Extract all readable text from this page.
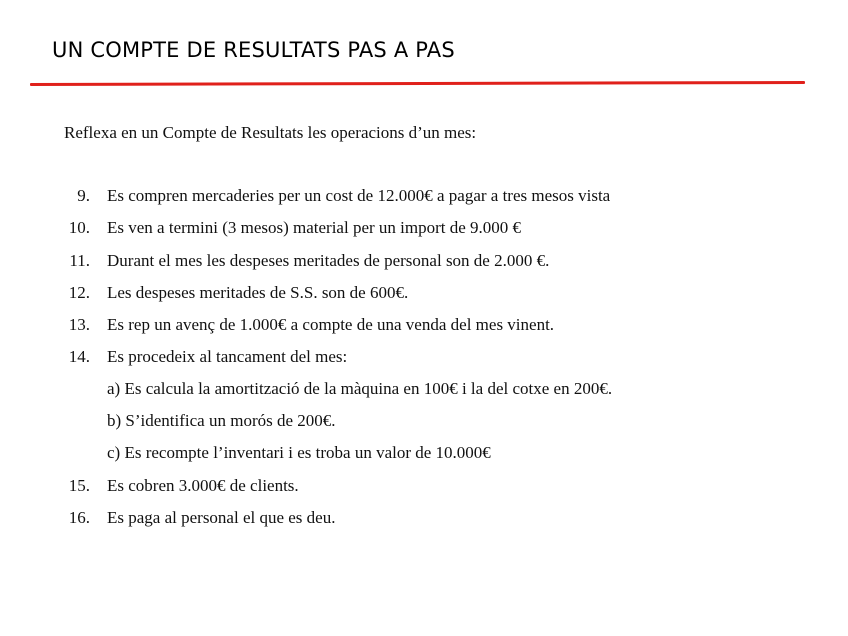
UN COMPTE DE RESULTATS PAS A PAS
Reflexa en un Compte de Resultats les operacions d’un mes:
9. Es compren mercaderies per un cost de 12.000€ a pagar a tres mesos vista
10. Es ven a termini (3 mesos) material per un import de 9.000 €
11. Durant el mes les despeses meritades de personal son de 2.000 €.
12. Les despeses meritades de S.S. son de 600€.
13. Es rep un avenç de 1.000€ a compte de una venda del mes vinent.
14. Es procedeix al tancament del mes:
a) Es calcula la amortització de la màquina en 100€ i la del cotxe en 200€.
b) S’identifica un morós de 200€.
c) Es recompte l’inventari i es troba un valor de 10.000€
15. Es cobren 3.000€ de clients.
16. Es paga al personal el que es deu.
